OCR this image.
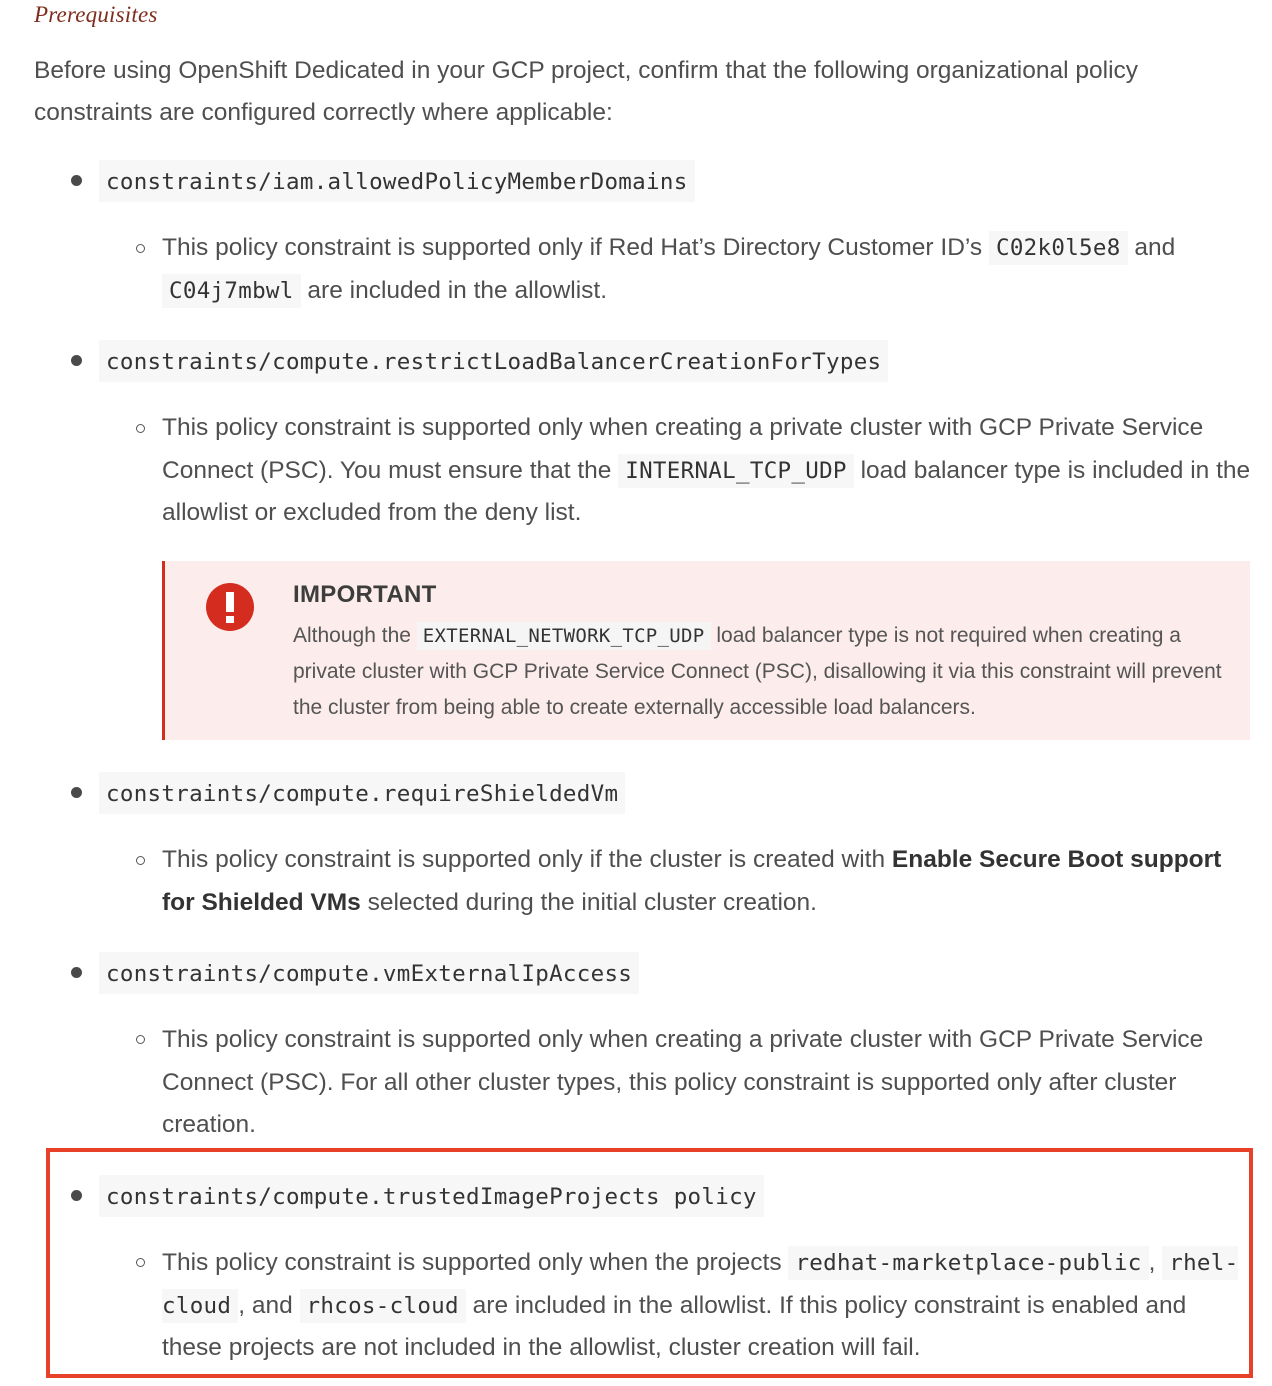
Prerequisites

Before using OpenShift Dedicated in your GCP project, confirm that the following organizational policy constraints are configured correctly where applicable:

constraints/iam.allowedPolicyMemberDomains

This policy constraint is supported only if Red Hat’s Directory Customer ID’s C02k0l5e8 and C04j7mbwl are included in the allowlist.

constraints/compute.restrictLoadBalancerCreationForTypes

This policy constraint is supported only when creating a private cluster with GCP Private Service Connect (PSC). You must ensure that the INTERNAL_TCP_UDP load balancer type is included in the allowlist or excluded from the deny list.

IMPORTANT

Although the EXTERNAL_NETWORK_TCP_UDP load balancer type is not required when creating a private cluster with GCP Private Service Connect (PSC), disallowing it via this constraint will prevent the cluster from being able to create externally accessible load balancers.

constraints/compute.requireShieldedVm

This policy constraint is supported only if the cluster is created with Enable Secure Boot support for Shielded VMs selected during the initial cluster creation.

constraints/compute.vmExternalIpAccess

This policy constraint is supported only when creating a private cluster with GCP Private Service Connect (PSC). For all other cluster types, this policy constraint is supported only after cluster creation.

constraints/compute.trustedImageProjects policy

This policy constraint is supported only when the projects redhat-marketplace-public , rhel-cloud , and rhcos-cloud are included in the allowlist. If this policy constraint is enabled and these projects are not included in the allowlist, cluster creation will fail.
